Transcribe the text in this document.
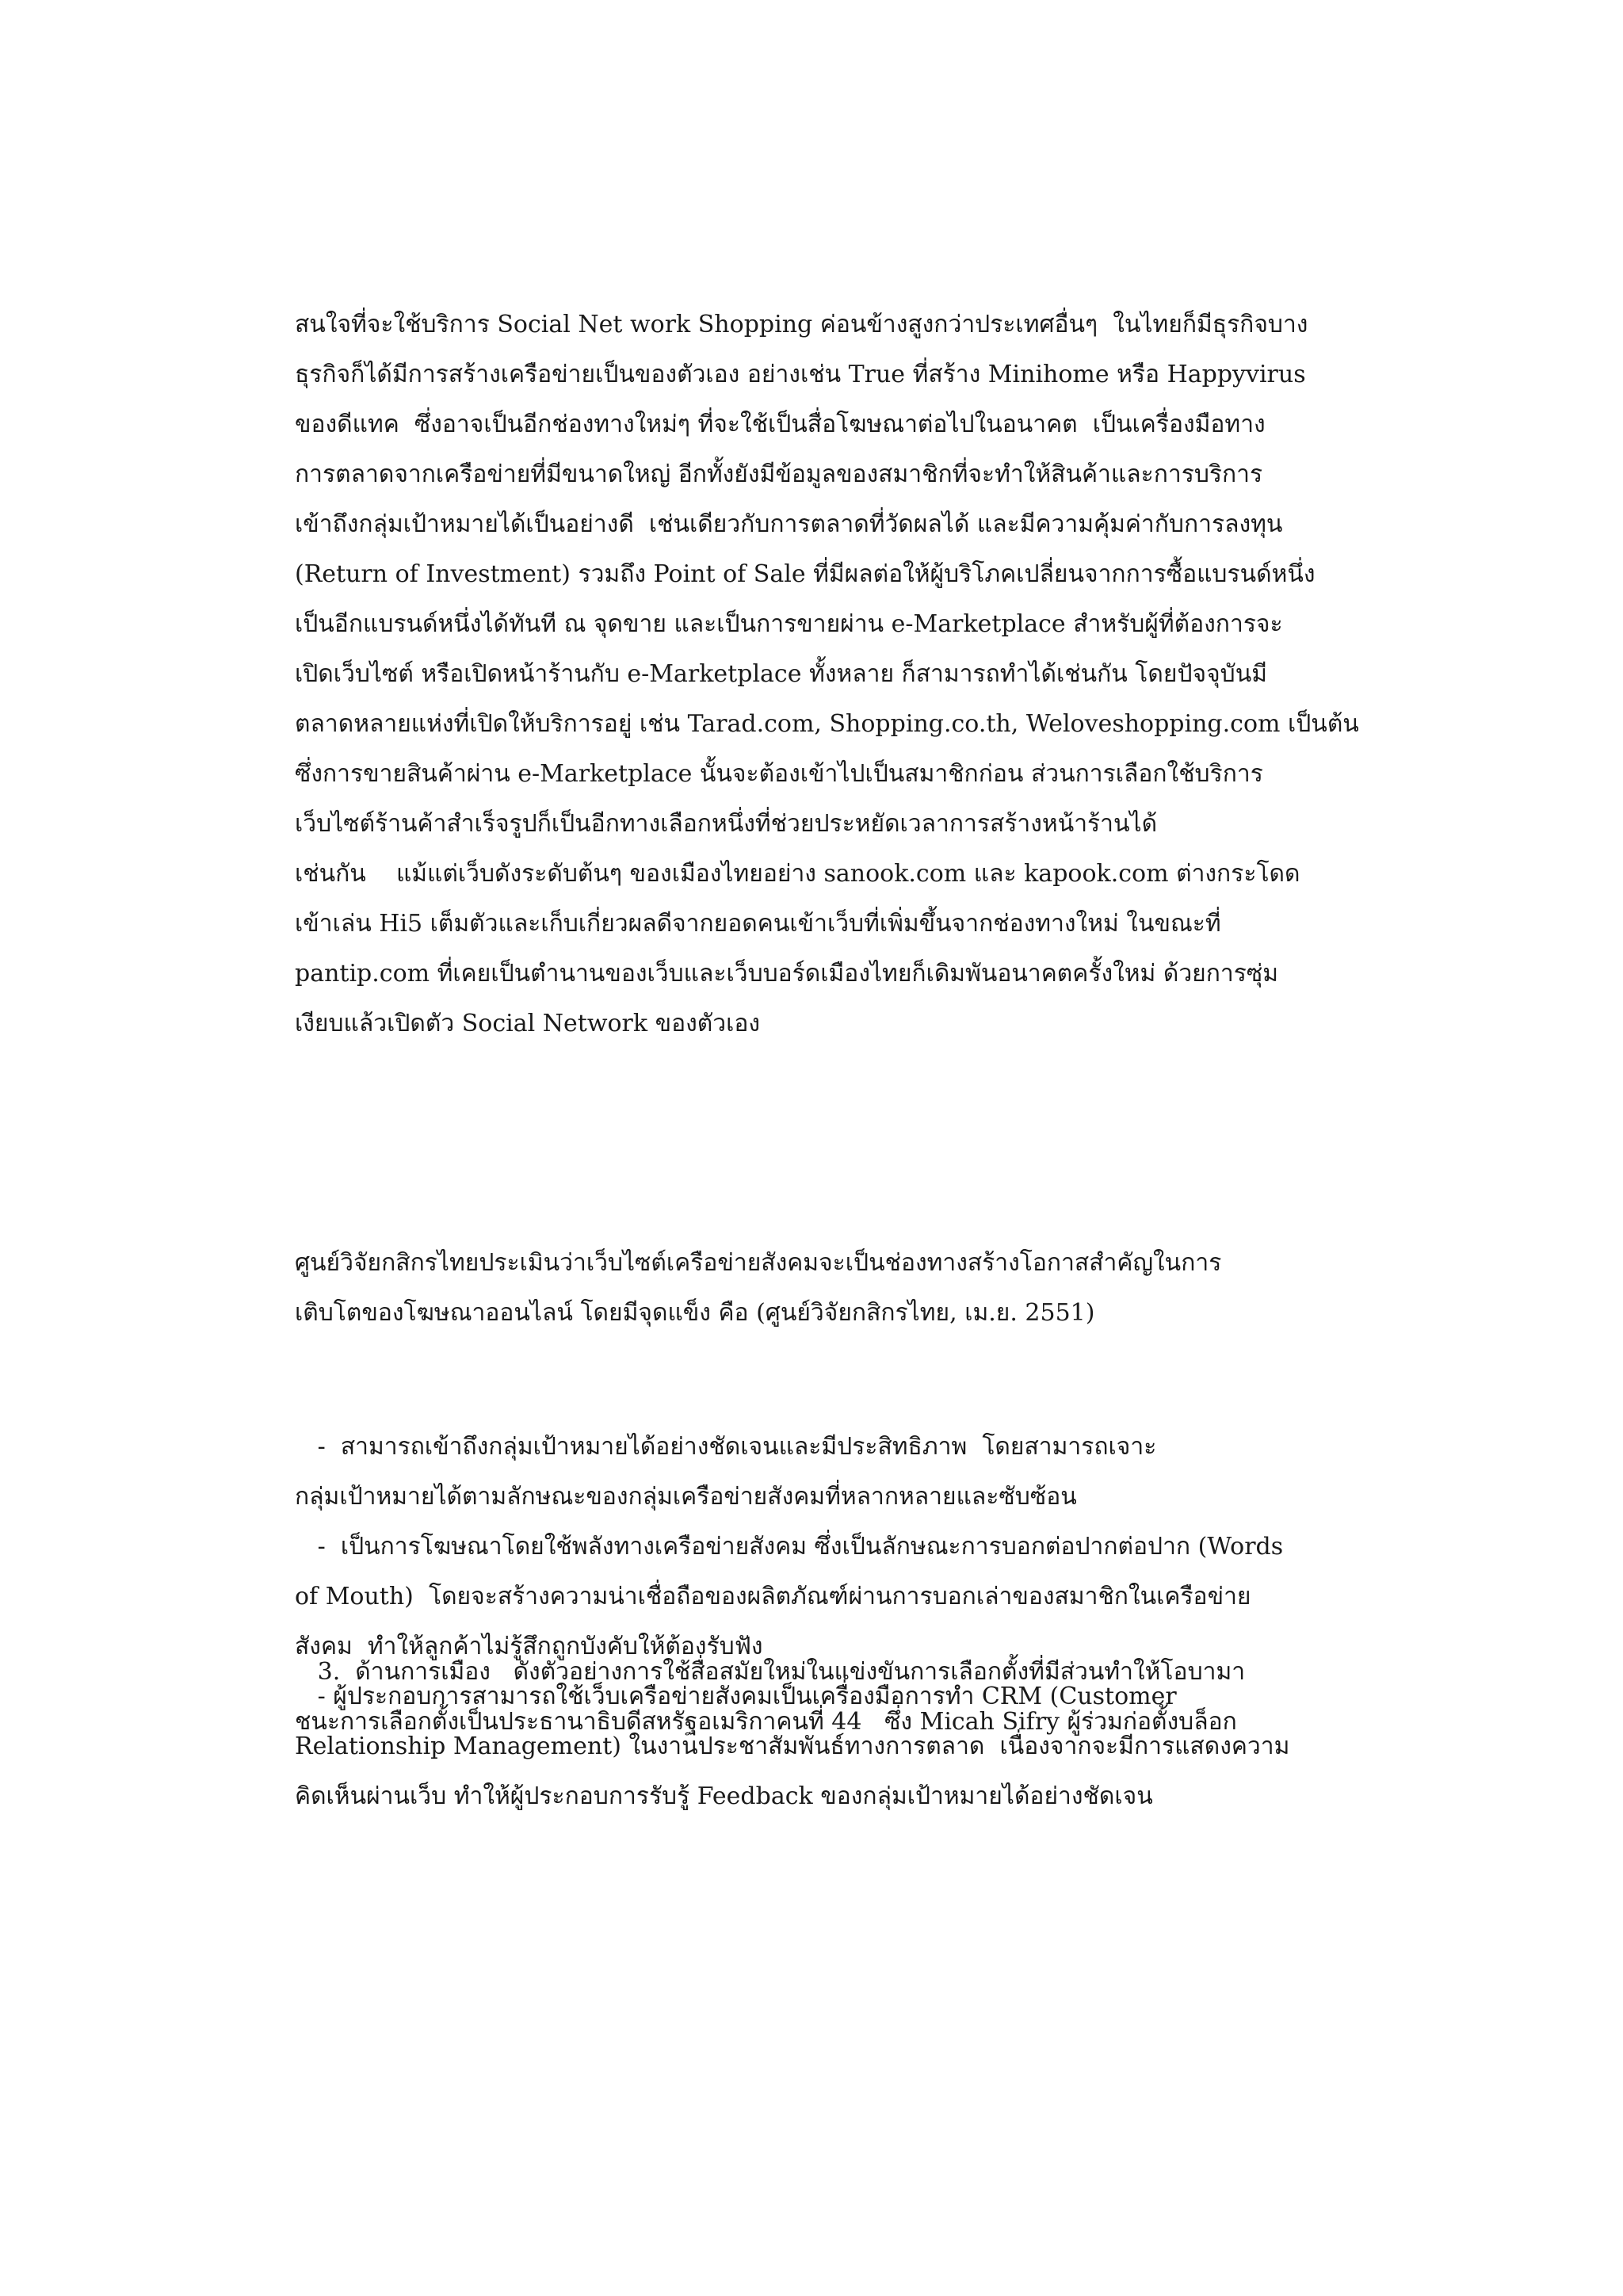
สนใจที่จะใช้บริการ Social Net work Shopping ค่อนข้างสูงกว่าประเทศอื่นๆ  ในไทยก็มีธุรกิจบาง
ธุรกิจก็ได้มีการสร้างเครือข่ายเป็นของตัวเอง อย่างเช่น True ที่สร้าง Minihome หรือ Happyvirus
ของดีแทค  ซึ่งอาจเป็นอีกช่องทางใหม่ๆ ที่จะใช้เป็นสื่อโฆษณาต่อไปในอนาคต  เป็นเครื่องมือทาง
การตลาดจากเครือข่ายที่มีขนาดใหญ่ อีกทั้งยังมีข้อมูลของสมาชิกที่จะทำให้สินค้าและการบริการ
เข้าถึงกลุ่มเป้าหมายได้เป็นอย่างดี  เช่นเดียวกับการตลาดที่วัดผลได้ และมีความคุ้มค่ากับการลงทุน
(Return of Investment) รวมถึง Point of Sale ที่มีผลต่อให้ผู้บริโภคเปลี่ยนจากการซื้อแบรนด์หนึ่ง
เป็นอีกแบรนด์หนึ่งได้ทันที ณ จุดขาย และเป็นการขายผ่าน e-Marketplace สำหรับผู้ที่ต้องการจะ
เปิดเว็บไซต์ หรือเปิดหน้าร้านกับ e-Marketplace ทั้งหลาย ก็สามารถทำได้เช่นกัน โดยปัจจุบันมี
ตลาดหลายแห่งที่เปิดให้บริการอยู่ เช่น Tarad.com, Shopping.co.th, Weloveshopping.com เป็นต้น
ซึ่งการขายสินค้าผ่าน e-Marketplace นั้นจะต้องเข้าไปเป็นสมาชิกก่อน ส่วนการเลือกใช้บริการ
เว็บไซต์ร้านค้าสำเร็จรูปก็เป็นอีกทางเลือกหนึ่งที่ช่วยประหยัดเวลาการสร้างหน้าร้านได้
เช่นกัน    แม้แต่เว็บดังระดับต้นๆ ของเมืองไทยอย่าง sanook.com และ kapook.com ต่างกระโดด
เข้าเล่น Hi5 เต็มตัวและเก็บเกี่ยวผลดีจากยอดคนเข้าเว็บที่เพิ่มขึ้นจากช่องทางใหม่ ในขณะที่
pantip.com ที่เคยเป็นตำนานของเว็บและเว็บบอร์ดเมืองไทยก็เดิมพันอนาคตครั้งใหม่ ด้วยการซุ่ม
เงียบแล้วเปิดตัว Social Network ของตัวเอง
ศูนย์วิจัยกสิกรไทยประเมินว่าเว็บไซต์เครือข่ายสังคมจะเป็นช่องทางสร้างโอกาสสำคัญในการ
เติบโตของโฆษณาออนไลน์ โดยมีจุดแข็ง คือ (ศูนย์วิจัยกสิกรไทย, เม.ย. 2551)
-  สามารถเข้าถึงกลุ่มเป้าหมายได้อย่างชัดเจนและมีประสิทธิภาพ  โดยสามารถเจาะ
กลุ่มเป้าหมายได้ตามลักษณะของกลุ่มเครือข่ายสังคมที่หลากหลายและซับซ้อน
-  เป็นการโฆษณาโดยใช้พลังทางเครือข่ายสังคม ซึ่งเป็นลักษณะการบอกต่อปากต่อปาก (Words
of Mouth)  โดยจะสร้างความน่าเชื่อถือของผลิตภัณฑ์ผ่านการบอกเล่าของสมาชิกในเครือข่าย
สังคม  ทำให้ลูกค้าไม่รู้สึกถูกบังคับให้ต้องรับฟัง
- ผู้ประกอบการสามารถใช้เว็บเครือข่ายสังคมเป็นเครื่องมือการทำ CRM (Customer
Relationship Management) ในงานประชาสัมพันธ์ทางการตลาด  เนื่องจากจะมีการแสดงความ
คิดเห็นผ่านเว็บ ทำให้ผู้ประกอบการรับรู้ Feedback ของกลุ่มเป้าหมายได้อย่างชัดเจน
3.  ด้านการเมือง   ดังตัวอย่างการใช้สื่อสมัยใหม่ในแข่งขันการเลือกตั้งที่มีส่วนทำให้โอบามา
ชนะการเลือกตั้งเป็นประธานาธิบดีสหรัฐอเมริกาคนที่ 44   ซึ่ง Micah Sifry ผู้ร่วมก่อตั้งบล็อก
